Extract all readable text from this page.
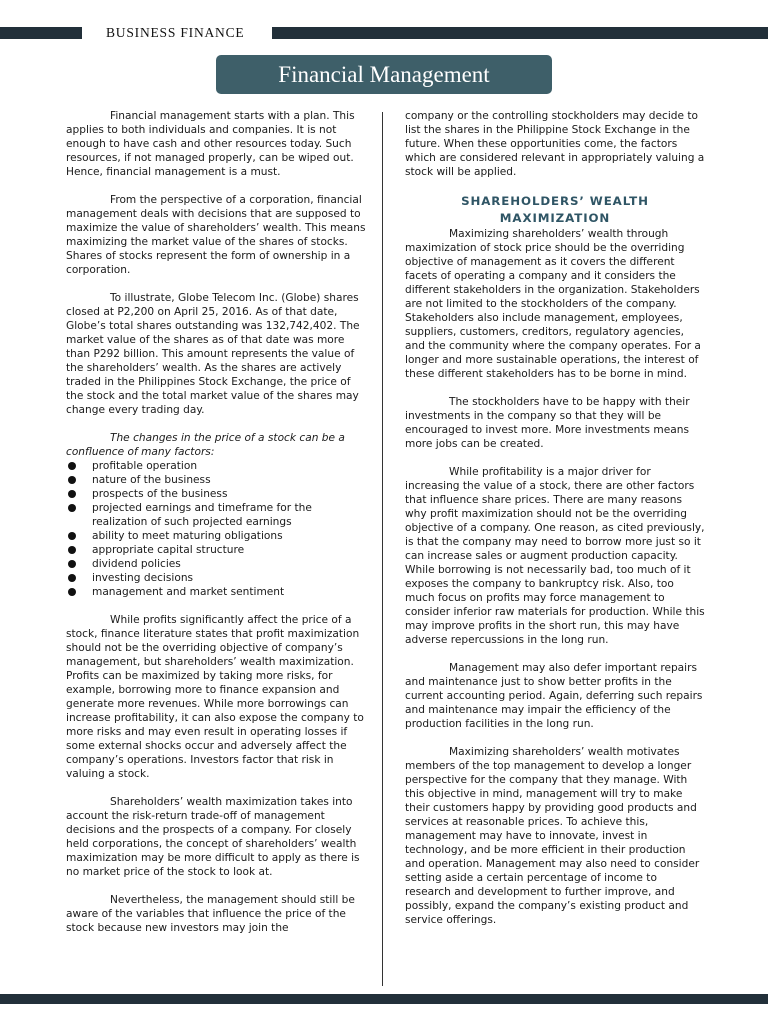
BUSINESS FINANCE
Financial Management

Financial management starts with a plan. This applies to both individuals and companies. It is not enough to have cash and other resources today. Such resources, if not managed properly, can be wiped out. Hence, financial management is a must.

From the perspective of a corporation, financial management deals with decisions that are supposed to maximize the value of shareholders’ wealth. This means maximizing the market value of the shares of stocks. Shares of stocks represent the form of ownership in a corporation.

To illustrate, Globe Telecom Inc. (Globe) shares closed at P2,200 on April 25, 2016. As of that date, Globe’s total shares outstanding was 132,742,402. The market value of the shares as of that date was more than P292 billion. This amount represents the value of the shareholders’ wealth. As the shares are actively traded in the Philippines Stock Exchange, the price of the stock and the total market value of the shares may change every trading day.

The changes in the price of a stock can be a confluence of many factors:

profitable operation
nature of the business
prospects of the business
projected earnings and timeframe for the realization of such projected earnings
ability to meet maturing obligations
appropriate capital structure
dividend policies
investing decisions
management and market sentiment

While profits significantly affect the price of a stock, finance literature states that profit maximization should not be the overriding objective of company’s management, but shareholders’ wealth maximization. Profits can be maximized by taking more risks, for example, borrowing more to finance expansion and generate more revenues. While more borrowings can increase profitability, it can also expose the company to more risks and may even result in operating losses if some external shocks occur and adversely affect the company’s operations. Investors factor that risk in valuing a stock.

Shareholders’ wealth maximization takes into account the risk-return trade-off of management decisions and the prospects of a company. For closely held corporations, the concept of shareholders’ wealth maximization may be more difficult to apply as there is no market price of the stock to look at.

Nevertheless, the management should still be aware of the variables that influence the price of the stock because new investors may join the

company or the controlling stockholders may decide to list the shares in the Philippine Stock Exchange in the future. When these opportunities come, the factors which are considered relevant in appropriately valuing a stock will be applied.

SHAREHOLDERS’ WEALTH MAXIMIZATION

Maximizing shareholders’ wealth through maximization of stock price should be the overriding objective of management as it covers the different facets of operating a company and it considers the different stakeholders in the organization. Stakeholders are not limited to the stockholders of the company. Stakeholders also include management, employees, suppliers, customers, creditors, regulatory agencies, and the community where the company operates. For a longer and more sustainable operations, the interest of these different stakeholders has to be borne in mind.

The stockholders have to be happy with their investments in the company so that they will be encouraged to invest more. More investments means more jobs can be created.

While profitability is a major driver for increasing the value of a stock, there are other factors that influence share prices. There are many reasons why profit maximization should not be the overriding objective of a company. One reason, as cited previously, is that the company may need to borrow more just so it can increase sales or augment production capacity. While borrowing is not necessarily bad, too much of it exposes the company to bankruptcy risk. Also, too much focus on profits may force management to consider inferior raw materials for production. While this may improve profits in the short run, this may have adverse repercussions in the long run.

Management may also defer important repairs and maintenance just to show better profits in the current accounting period. Again, deferring such repairs and maintenance may impair the efficiency of the production facilities in the long run.

Maximizing shareholders’ wealth motivates members of the top management to develop a longer perspective for the company that they manage. With this objective in mind, management will try to make their customers happy by providing good products and services at reasonable prices. To achieve this, management may have to innovate, invest in technology, and be more efficient in their production and operation. Management may also need to consider setting aside a certain percentage of income to research and development to further improve, and possibly, expand the company’s existing product and service offerings.
